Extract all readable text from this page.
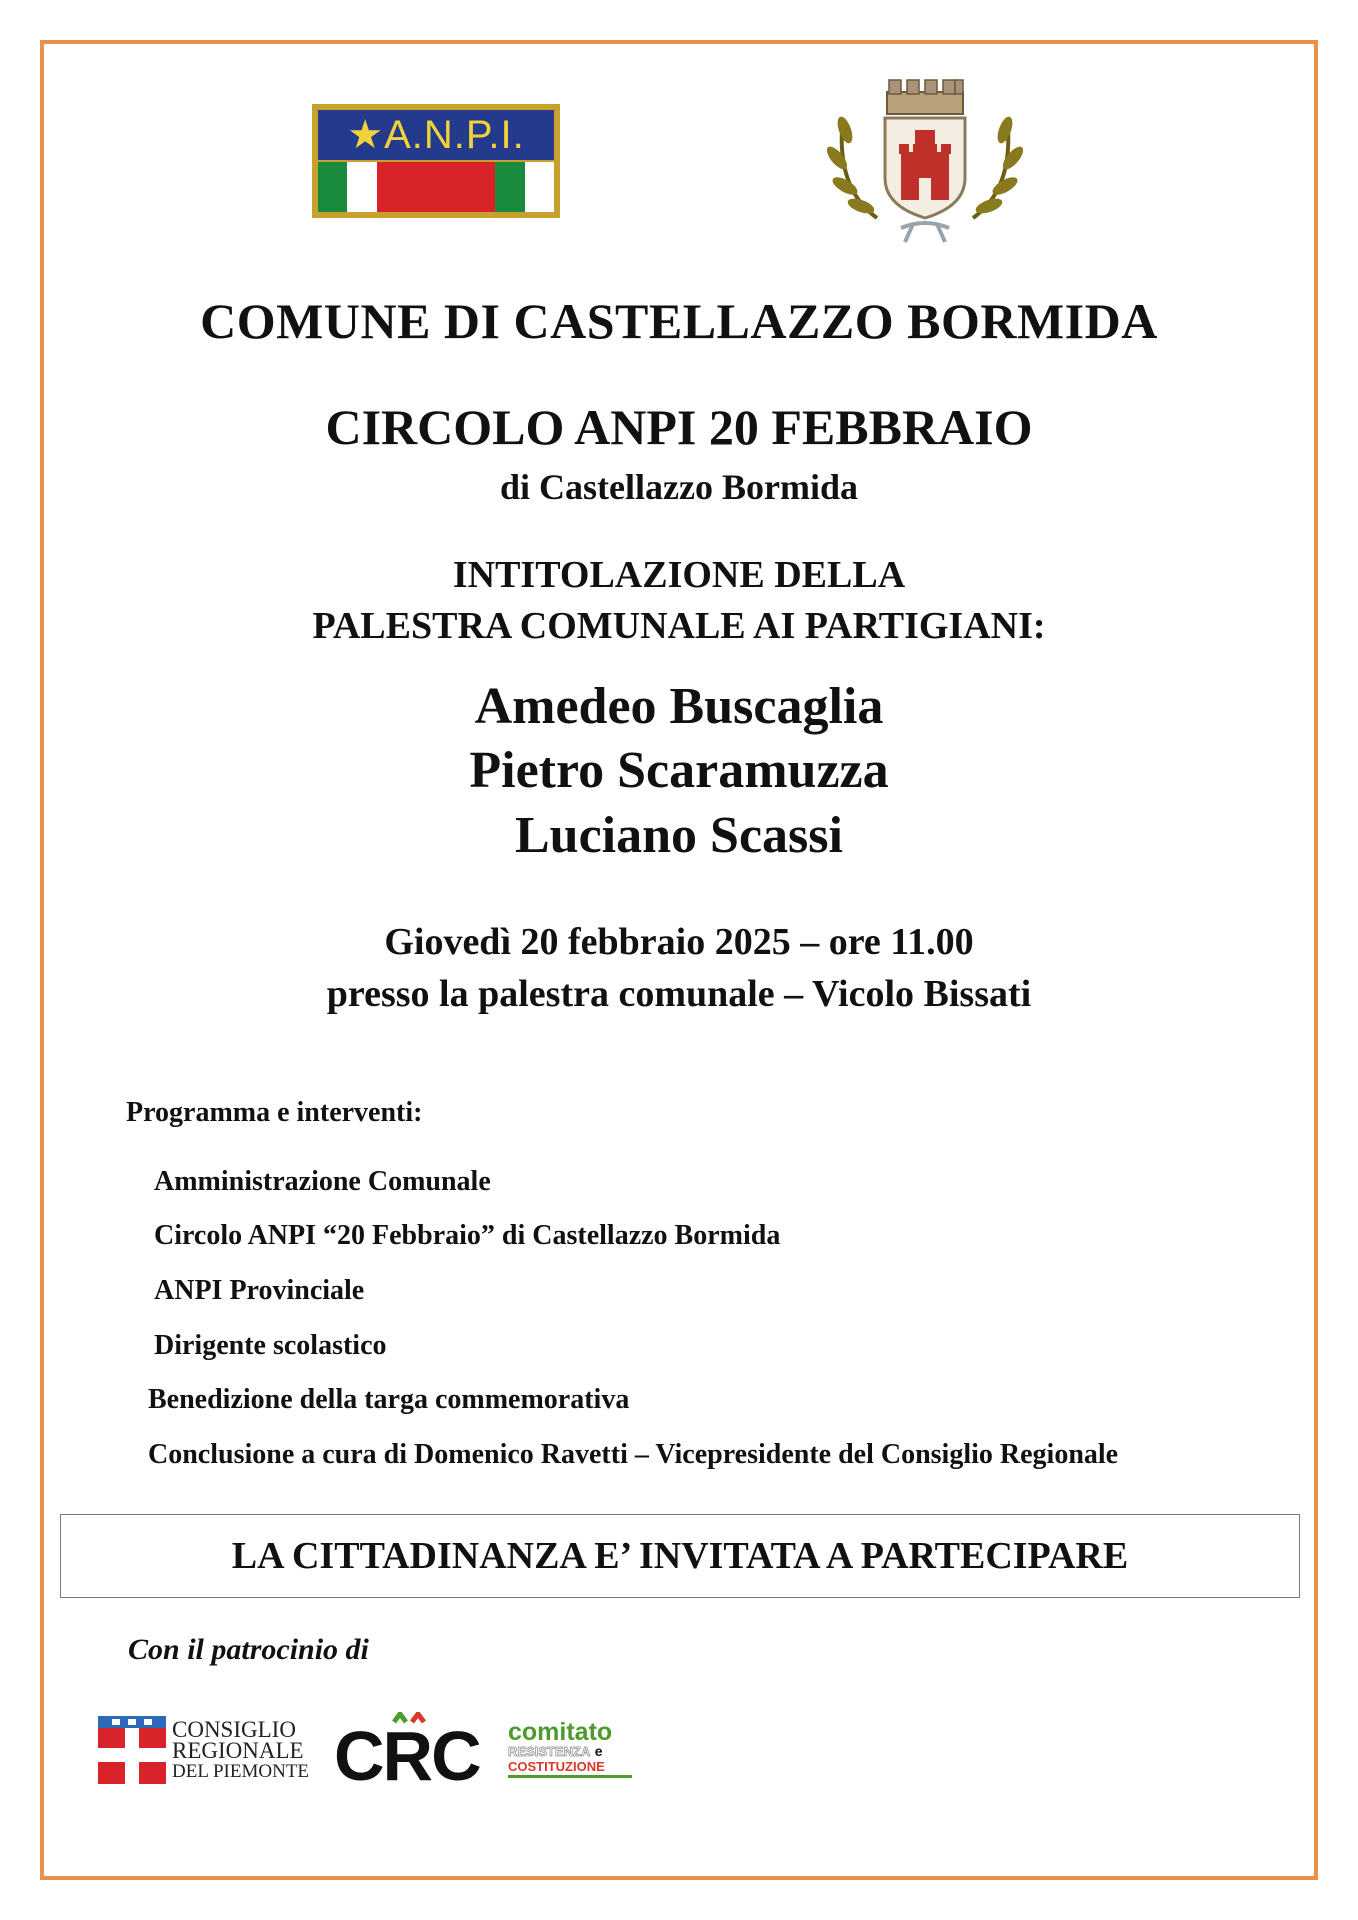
★A.N.P.I.
COMUNE DI CASTELLAZZO BORMIDA
CIRCOLO ANPI 20 FEBBRAIO
di Castellazzo Bormida
INTITOLAZIONE DELLA
PALESTRA COMUNALE AI PARTIGIANI:
Amedeo Buscaglia
Pietro Scaramuzza
Luciano Scassi
Giovedì 20 febbraio 2025 – ore 11.00
presso la palestra comunale – Vicolo Bissati
Programma e interventi:
Amministrazione Comunale
Circolo ANPI “20 Febbraio” di Castellazzo Bormida
ANPI Provinciale
Dirigente scolastico
Benedizione della targa commemorativa
Conclusione a cura di Domenico Ravetti – Vicepresidente del Consiglio Regionale
LA CITTADINANZA E’ INVITATA A PARTECIPARE
Con il patrocinio di
CONSIGLIO
REGIONALE
DEL PIEMONTE CRC comitato
RESISTENZA e
COSTITUZIONE
